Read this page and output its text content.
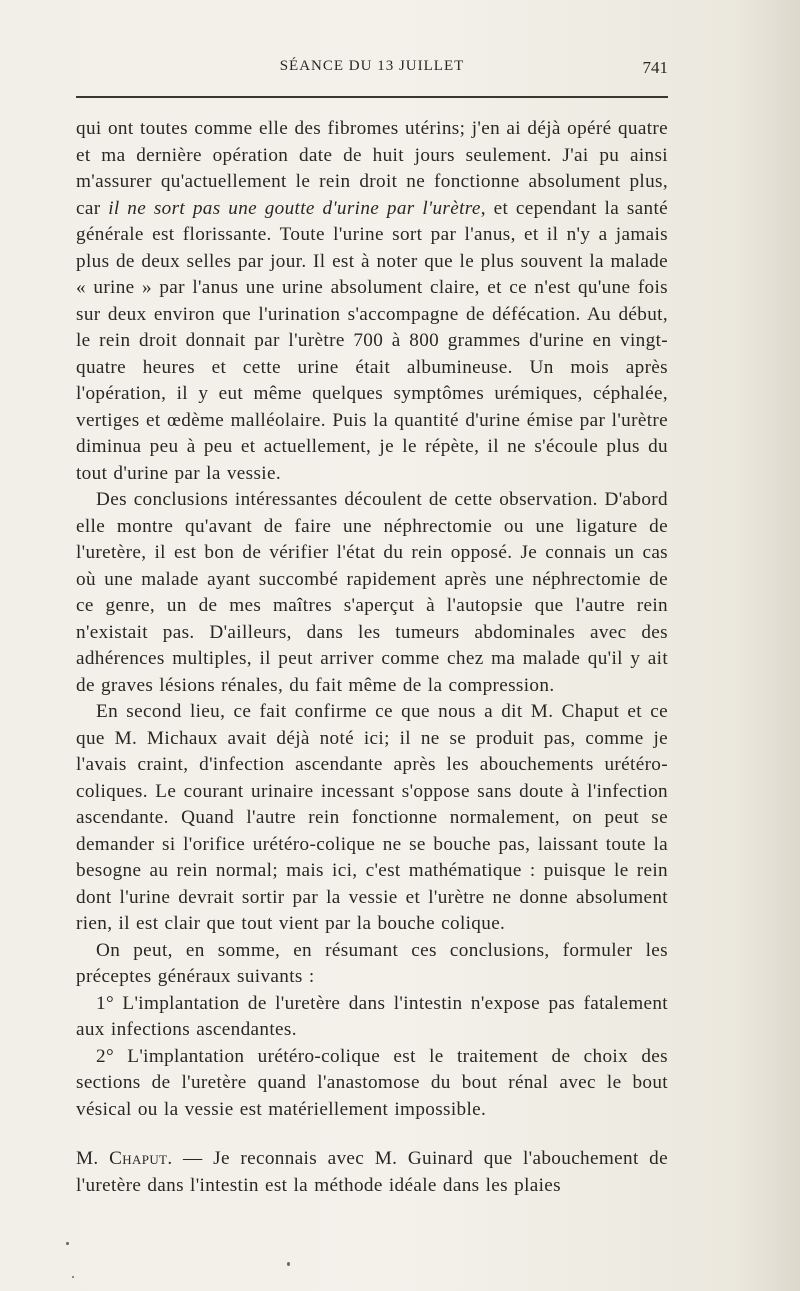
SÉANCE DU 13 JUILLET	741

qui ont toutes comme elle des fibromes utérins; j'en ai déjà opéré quatre et ma dernière opération date de huit jours seulement. J'ai pu ainsi m'assurer qu'actuellement le rein droit ne fonctionne absolument plus, car il ne sort pas une goutte d'urine par l'urètre, et cependant la santé générale est florissante. Toute l'urine sort par l'anus, et il n'y a jamais plus de deux selles par jour. Il est à noter que le plus souvent la malade « urine » par l'anus une urine absolument claire, et ce n'est qu'une fois sur deux environ que l'urination s'accompagne de défécation. Au début, le rein droit donnait par l'urètre 700 à 800 grammes d'urine en vingt-quatre heures et cette urine était albumineuse. Un mois après l'opération, il y eut même quelques symptômes urémiques, céphalée, vertiges et œdème malléolaire. Puis la quantité d'urine émise par l'urètre diminua peu à peu et actuellement, je le répète, il ne s'écoule plus du tout d'urine par la vessie.

Des conclusions intéressantes découlent de cette observation. D'abord elle montre qu'avant de faire une néphrectomie ou une ligature de l'uretère, il est bon de vérifier l'état du rein opposé. Je connais un cas où une malade ayant succombé rapidement après une néphrectomie de ce genre, un de mes maîtres s'aperçut à l'autopsie que l'autre rein n'existait pas. D'ailleurs, dans les tumeurs abdominales avec des adhérences multiples, il peut arriver comme chez ma malade qu'il y ait de graves lésions rénales, du fait même de la compression.

En second lieu, ce fait confirme ce que nous a dit M. Chaput et ce que M. Michaux avait déjà noté ici; il ne se produit pas, comme je l'avais craint, d'infection ascendante après les abouchements urétéro-coliques. Le courant urinaire incessant s'oppose sans doute à l'infection ascendante. Quand l'autre rein fonctionne normalement, on peut se demander si l'orifice urétéro-colique ne se bouche pas, laissant toute la besogne au rein normal; mais ici, c'est mathématique : puisque le rein dont l'urine devrait sortir par la vessie et l'urètre ne donne absolument rien, il est clair que tout vient par la bouche colique.

On peut, en somme, en résumant ces conclusions, formuler les préceptes généraux suivants :

1° L'implantation de l'uretère dans l'intestin n'expose pas fatalement aux infections ascendantes.

2° L'implantation urétéro-colique est le traitement de choix des sections de l'uretère quand l'anastomose du bout rénal avec le bout vésical ou la vessie est matériellement impossible.

M. Chaput. — Je reconnais avec M. Guinard que l'abouchement de l'uretère dans l'intestin est la méthode idéale dans les plaies
